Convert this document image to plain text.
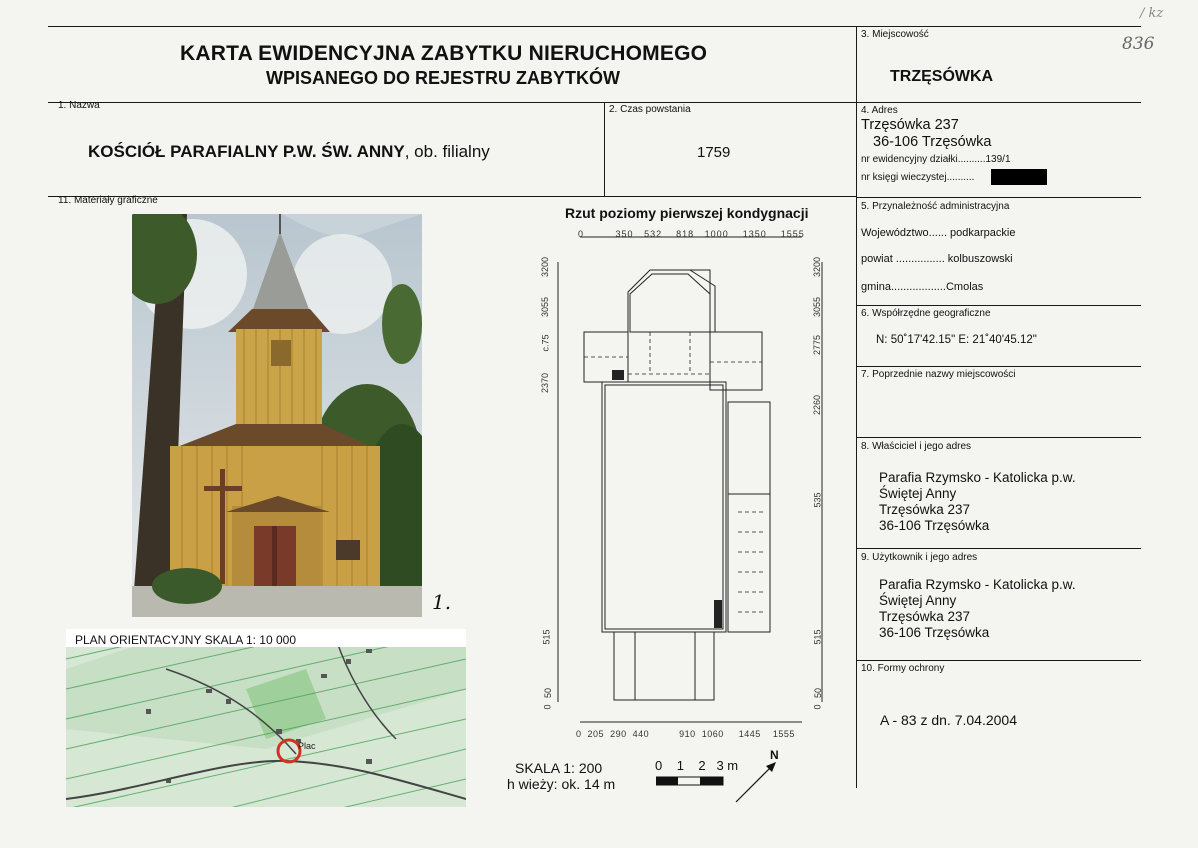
KARTA EWIDENCYJNA ZABYTKU NIERUCHOMEGO
WPISANEGO DO REJESTRU ZABYTKÓW
836
/ kz
3. Miejscowość
TRZĘSÓWKA
1. Nazwa
KOŚCIÓŁ PARAFIALNY P.W. ŚW. ANNY, ob. filialny
2. Czas powstania
1759
4. Adres
Trzęsówka 237
36-106 Trzęsówka
nr ewidencyjny działki..........139/1
nr księgi wieczystej..........
5. Przynależność administracyjna
Województwo...... podkarpackie
powiat ................ kolbuszowski
gmina..................Cmolas
6. Współrzędne geograficzne
N: 50˚17'42.15" E: 21˚40'45.12"
7. Poprzednie nazwy miejscowości
8. Właściciel i jego adres

Parafia Rzymsko - Katolicka p.w.

Świętej Anny

Trzęsówka 237

36-106 Trzęsówka

9. Użytkownik i jego adres

Parafia Rzymsko - Katolicka p.w.

Świętej Anny

Trzęsówka 237

36-106 Trzęsówka

10. Formy ochrony
A - 83 z dn. 7.04.2004
11. Materiały graficzne
1.
Plac
PLAN ORIENTACYJNY SKALA 1: 10 000
Rzut poziomy pierwszej kondygnacji
0	350 532 818 1000 1350 1555
0 205 290 440	910 1060 1445 1555
3200
3055
c.75
2370
515
50
0
3200
3055
2775
2260
535
515
50
0
SKALA 1: 200
h wieży: ok. 14 m
0 1 2 3 m
N
